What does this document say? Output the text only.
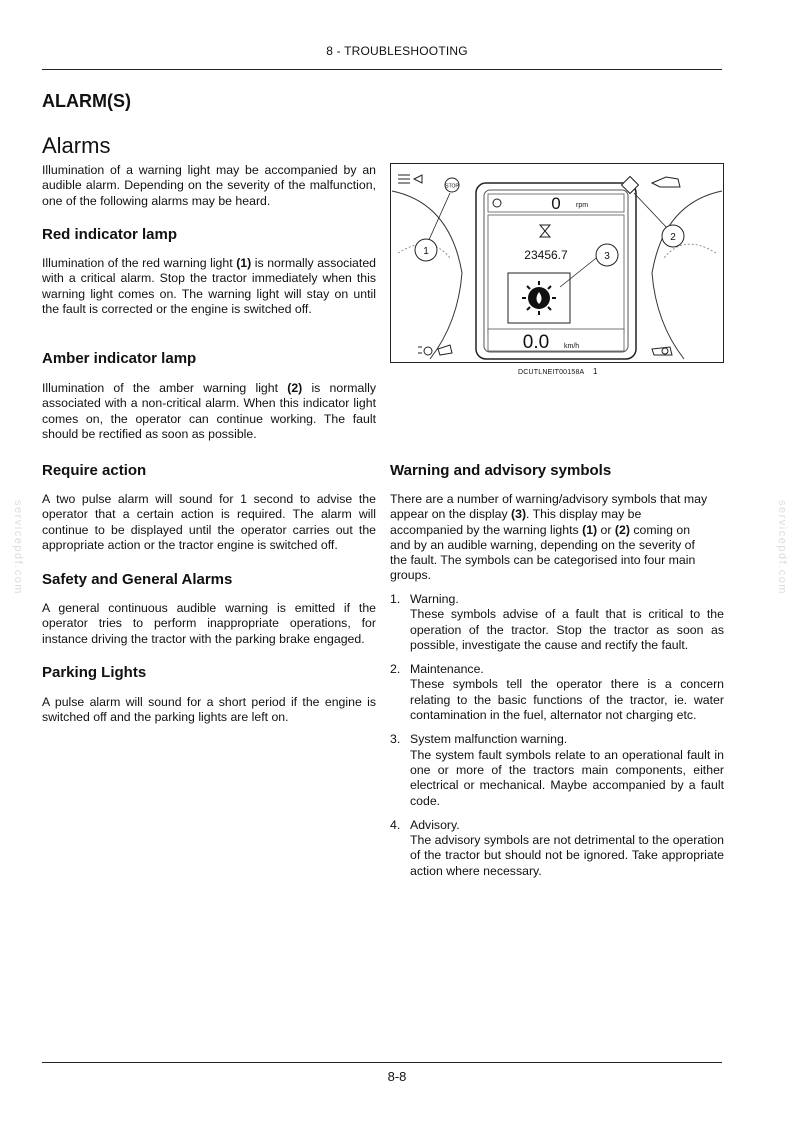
8 - TROUBLESHOOTING
ALARM(S)
Alarms

Illumination of a warning light may be accompanied by an audible alarm. Depending on the severity of the malfunction, one of the following alarms may be heard.

Red indicator lamp

Illumination of the red warning light (1) is normally associated with a critical alarm. Stop the tractor immediately when this warning light comes on. The warning light will stay on until the fault is corrected or the engine is switched off.

Amber indicator lamp

Illumination of the amber warning light (2) is normally associated with a non-critical alarm. When this indicator light comes on, the operator can continue working. The fault should be rectified as soon as possible.

Require action

A two pulse alarm will sound for 1 second to advise the operator that a certain action is required. The alarm will continue to be displayed until the operator carries out the appropriate action or the tractor engine is switched off.

Safety and General Alarms

A general continuous audible warning is emitted if the operator tries to perform inappropriate operations, for instance driving the tractor with the parking brake engaged.

Parking Lights

A pulse alarm will sound for a short period if the engine is switched off and the parking lights are left on.

Warning and advisory symbols

There are a number of warning/advisory symbols that may appear on the display (3). This display may be accompanied by the warning lights (1) or (2) coming on and by an audible warning, depending on the severity of the fault. The symbols can be categorised into four main groups.

1. Warning.
These symbols advise of a fault that is critical to the operation of the tractor. Stop the tractor as soon as possible, investigate the cause and rectify the fault.
2. Maintenance.
These symbols tell the operator there is a concern relating to the basic functions of the tractor, ie. water contamination in the fuel, alternator not charging etc.
3. System malfunction warning.
The system fault symbols relate to an operational fault in one or more of the tractors main components, either electrical or mechanical. Maybe accompanied by a fault code.
4. Advisory.
The advisory symbols are not detrimental to the operation of the tractor but should not be ignored. Take appropriate action where necessary.
0 rpm
23456.7
0.0 km/h
STOP
1
2
3
DCUTLNEIT00158A 1
servicepdf.com	servicepdf.com
8-8
